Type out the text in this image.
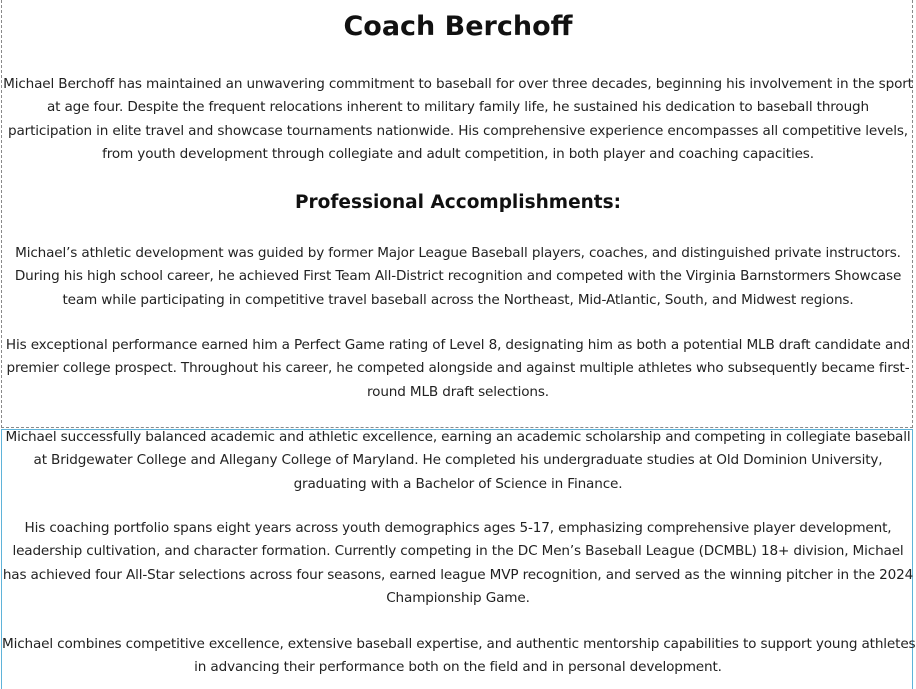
Coach Berchoff

Michael Berchoff has maintained an unwavering commitment to baseball for over three decades, beginning his involvement in the sport
at age four. Despite the frequent relocations inherent to military family life, he sustained his dedication to baseball through
participation in elite travel and showcase tournaments nationwide. His comprehensive experience encompasses all competitive levels,
from youth development through collegiate and adult competition, in both player and coaching capacities.

Professional Accomplishments:

Michael’s athletic development was guided by former Major League Baseball players, coaches, and distinguished private instructors.
During his high school career, he achieved First Team All-District recognition and competed with the Virginia Barnstormers Showcase
team while participating in competitive travel baseball across the Northeast, Mid-Atlantic, South, and Midwest regions.

His exceptional performance earned him a Perfect Game rating of Level 8, designating him as both a potential MLB draft candidate and
premier college prospect. Throughout his career, he competed alongside and against multiple athletes who subsequently became first-
round MLB draft selections.

Michael successfully balanced academic and athletic excellence, earning an academic scholarship and competing in collegiate baseball
at Bridgewater College and Allegany College of Maryland. He completed his undergraduate studies at Old Dominion University,
graduating with a Bachelor of Science in Finance.

His coaching portfolio spans eight years across youth demographics ages 5-17, emphasizing comprehensive player development,
leadership cultivation, and character formation. Currently competing in the DC Men’s Baseball League (DCMBL) 18+ division, Michael
has achieved four All-Star selections across four seasons, earned league MVP recognition, and served as the winning pitcher in the 2024
Championship Game.

Michael combines competitive excellence, extensive baseball expertise, and authentic mentorship capabilities to support young athletes
in advancing their performance both on the field and in personal development.
